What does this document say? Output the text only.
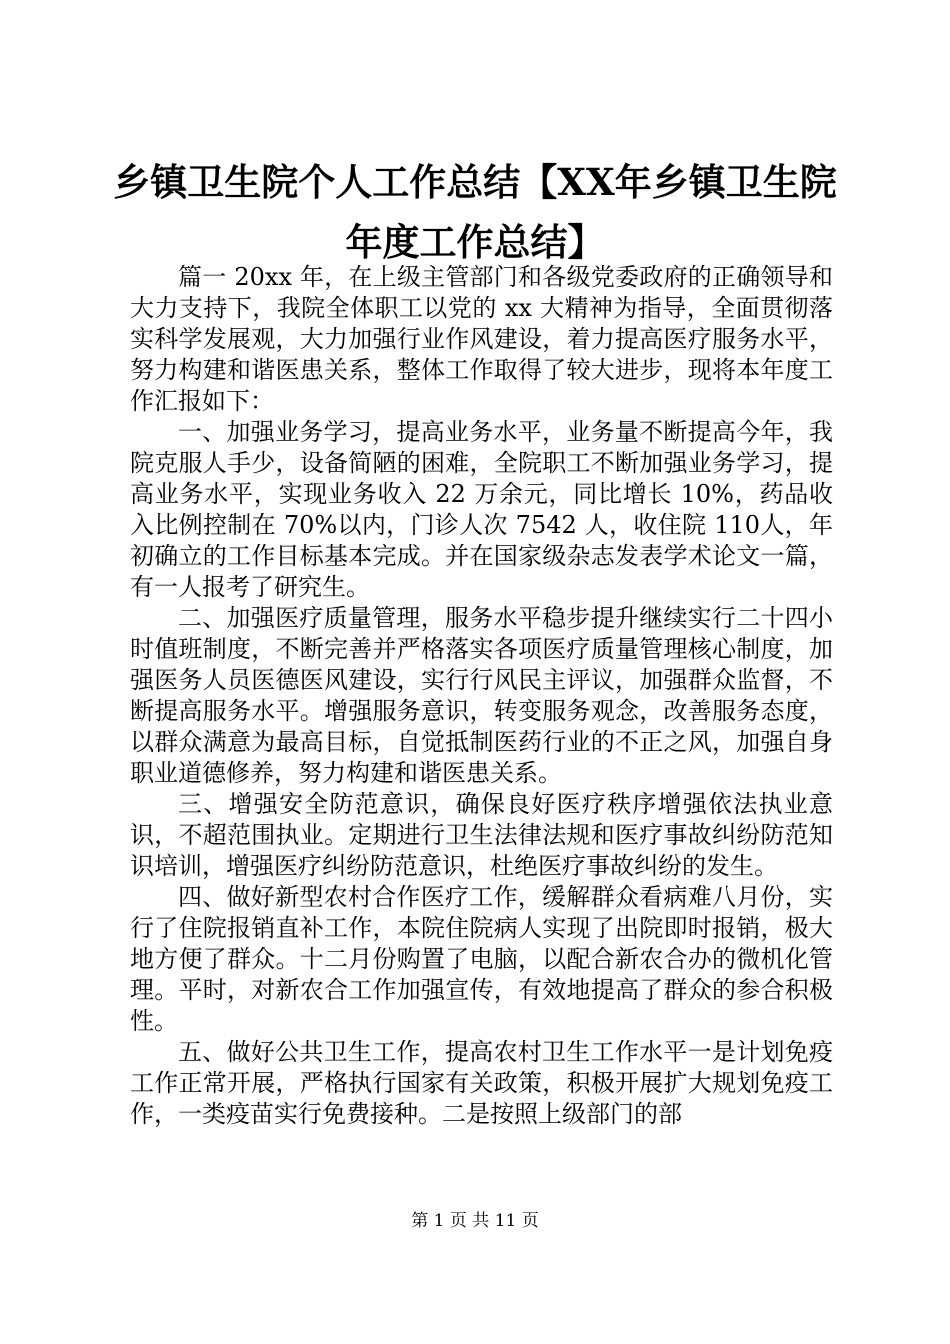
乡镇卫生院个人工作总结【XX年乡镇卫生院
年度工作总结】

篇一 20xx 年，在上级主管部门和各级党委政府的正确领导和大力支持下，我院全体职工以党的 xx 大精神为指导，全面贯彻落实科学发展观，大力加强行业作风建设，着力提高医疗服务水平，努力构建和谐医患关系，整体工作取得了较大进步，现将本年度工作汇报如下：

一、加强业务学习，提高业务水平，业务量不断提高今年，我院克服人手少，设备简陋的困难，全院职工不断加强业务学习，提高业务水平，实现业务收入 22 万余元，同比增长 10%，药品收入比例控制在 70%以内，门诊人次 7542 人，收住院 110人，年初确立的工作目标基本完成。并在国家级杂志发表学术论文一篇，有一人报考了研究生。

二、加强医疗质量管理，服务水平稳步提升继续实行二十四小时值班制度，不断完善并严格落实各项医疗质量管理核心制度，加强医务人员医德医风建设，实行行风民主评议，加强群众监督，不断提高服务水平。增强服务意识，转变服务观念，改善服务态度，以群众满意为最高目标，自觉抵制医药行业的不正之风，加强自身职业道德修养，努力构建和谐医患关系。

三、增强安全防范意识，确保良好医疗秩序增强依法执业意识，不超范围执业。定期进行卫生法律法规和医疗事故纠纷防范知识培训，增强医疗纠纷防范意识，杜绝医疗事故纠纷的发生。

四、做好新型农村合作医疗工作，缓解群众看病难八月份，实行了住院报销直补工作，本院住院病人实现了出院即时报销，极大地方便了群众。十二月份购置了电脑，以配合新农合办的微机化管理。平时，对新农合工作加强宣传，有效地提高了群众的参合积极性。

五、做好公共卫生工作，提高农村卫生工作水平一是计划免疫工作正常开展，严格执行国家有关政策，积极开展扩大规划免疫工作，一类疫苗实行免费接种。二是按照上级部门的部

第 1 页 共 11 页
